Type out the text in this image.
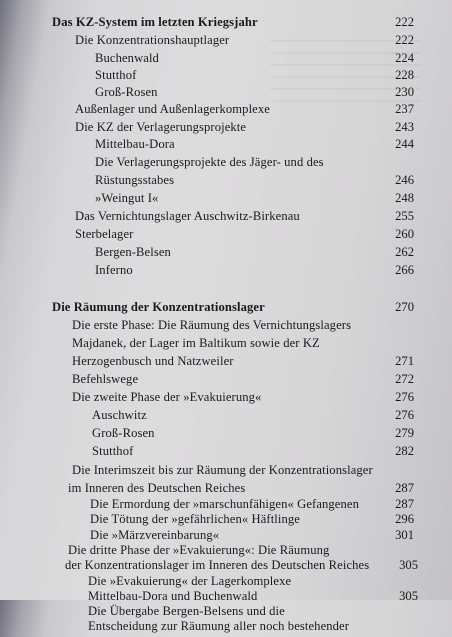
Das KZ-System im letzten Kriegsjahr	222
Die Konzentrationshauptlager	222
Buchenwald	224
Stutthof	228
Groß-Rosen	230
Außenlager und Außenlagerkomplexe	237
Die KZ der Verlagerungsprojekte	243
Mittelbau-Dora	244
Die Verlagerungsprojekte des Jäger- und des
Rüstungsstabes	246
»Weingut I«	248
Das Vernichtungslager Auschwitz-Birkenau	255
Sterbelager	260
Bergen-Belsen	262
Inferno	266
Die Räumung der Konzentrationslager	270
Die erste Phase: Die Räumung des Vernichtungslagers
Majdanek, der Lager im Baltikum sowie der KZ
Herzogenbusch und Natzweiler	271
Befehlswege	272
Die zweite Phase der »Evakuierung«	276
Auschwitz	276
Groß-Rosen	279
Stutthof	282
Die Interimszeit bis zur Räumung der Konzentrationslager
im Inneren des Deutschen Reiches	287
Die Ermordung der »marschunfähigen« Gefangenen	287
Die Tötung der »gefährlichen« Häftlinge	296
Die »Märzvereinbarung«	301
Die dritte Phase der »Evakuierung«: Die Räumung
der Konzentrationslager im Inneren des Deutschen Reiches 305
Die »Evakuierung« der Lagerkomplexe
Mittelbau-Dora und Buchenwald	305
Die Übergabe Bergen-Belsens und die
Entscheidung zur Räumung aller noch bestehender
